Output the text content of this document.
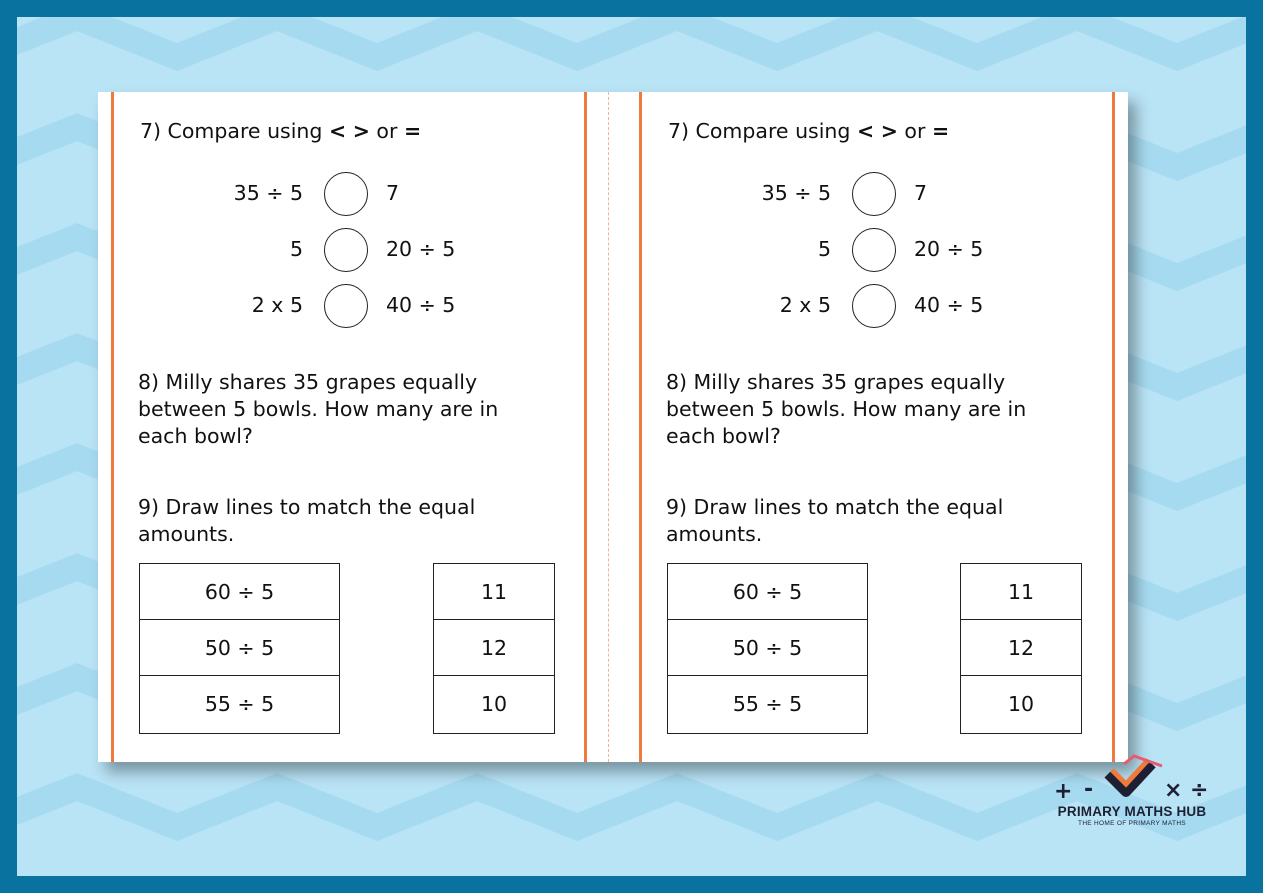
7) Compare using < > or =

35 ÷ 5	7
5	20 ÷ 5
2 x 5	40 ÷ 5
8) Milly shares 35 grapes equally
between 5 bowls. How many are in
each bowl?
9) Draw lines to match the equal
amounts.
60 ÷ 5
50 ÷ 5
55 ÷ 5
11
12
10

7) Compare using < > or =

35 ÷ 5	7
5	20 ÷ 5
2 x 5	40 ÷ 5
8) Milly shares 35 grapes equally
between 5 bowls. How many are in
each bowl?
9) Draw lines to match the equal
amounts.
60 ÷ 5
50 ÷ 5
55 ÷ 5
11
12
10
+ -	× ÷
PRIMARY MATHS HUB
THE HOME OF PRIMARY MATHS
